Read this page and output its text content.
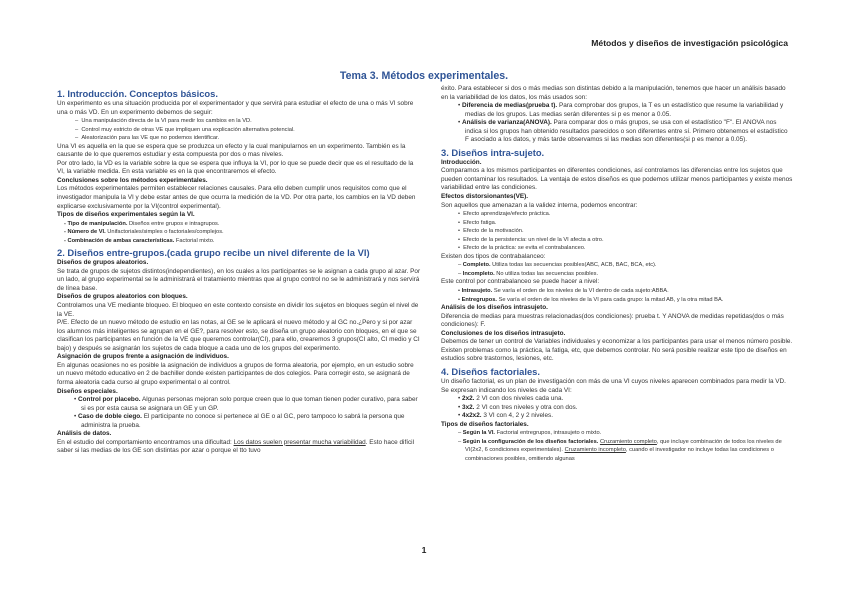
Métodos y diseños de investigación psicológica
Tema 3. Métodos experimentales.
1. Introducción. Conceptos básicos.

Un experimento es una situación producida por el experimentador y que servirá para estudiar el efecto de una o más VI sobre una o más VD. En un experimento debemos de seguir:

–  Una manipulación directa de la VI para medir los cambios en la VD.

–  Control muy estricto de otras VE que impliquen una explicación alternativa potencial.

–  Aleatorización para las VE que no podemos identificar.

Una VI es aquella en la que se espera que se produzca un efecto y la cual manipularnos en un experimento. También es la causante de lo que queremos estudiar y esta compuesta por dos o mas niveles.

Por otro lado, la VD es la variable sobre la que se espera que influya la VI, por lo que se puede decir que es el resultado de la VI, la variable medida. En esta variable es en la que encontraremos el efecto.

Conclusiones sobre los métodos experimentales.

Los métodos experimentales permiten establecer relaciones causales. Para ello deben cumplir unos requisitos como que el investigador manipula la VI y debe estar antes de que ocurra la medición de la VD. Por otra parte, los cambios en la VD deben explicarse exclusivamente por la VI(control experimental).

Tipos de diseños experimentales según la VI.

- Tipo de manipulación. Diseños entre grupos e intragrupos.

- Número de VI. Unifactoriales/simples o factoriales/complejos.

- Combinación de ambas características. Factorial mixto.

2. Diseños entre-grupos.(cada grupo recibe un nivel diferente de la VI)

Diseños de grupos aleatorios.

Se trata de grupos de sujetos distintos(independientes), en los cuales a los participantes se le asignan a cada grupo al azar. Por un lado, al grupo experimental se le administrará el tratamiento mientras que al grupo control no se le administrará y nos servirá de línea base.

Diseños de grupos aleatorios con bloques.

Controlamos una VE mediante bloqueo. El bloqueo en este contexto consiste en dividir los sujetos en bloques según el nivel de la VE.

P/E. Efecto de un nuevo método de estudio en las notas, al GE se le aplicará el nuevo método y al GC no.¿Pero y si por azar los alumnos más inteligentes se agrupan en el GE?, para resolver esto, se diseña un grupo aleatorio con bloques, en el que se clasifican los participantes en función de la VE que queremos controlar(CI), para ello, crearemos 3 grupos(CI alto, CI medio y CI bajo) y después se asignarán los sujetos de cada bloque a cada uno de los grupos del experimento.

Asignación de grupos frente a asignación de individuos.

En algunas ocasiones no es posible la asignación de individuos a grupos de forma aleatoria, por ejemplo, en un estudio sobre un nuevo método educativo en 2 de bachiller donde existen participantes de dos colegios. Para corregir esto, se asignará de forma aleatoria cada curso al grupo experimental o al control.

Diseños especiales.

• Control por placebo. Algunas personas mejoran solo porque creen que lo que toman tienen poder curativo, para saber si es por esta causa se asignara un GE y un GP.

• Caso de doble ciego. El participante no conoce si pertenece al GE o al GC, pero tampoco lo sabrá la persona que administra la prueba.

Análisis de datos.

En el estudio del comportamiento encontramos una dificultad: Los datos suelen presentar mucha variabilidad. Esto hace difícil saber si las medias de los GE son distintas por azar o porque el tto tuvo

éxito. Para establecer si dos o más medias son distintas debido a la manipulación, tenemos que hacer un análisis basado en la variabilidad de los datos, los más usados son:

• Diferencia de medias(prueba t). Para comprobar dos grupos, la T es un estadístico que resume la variabilidad y medias de los grupos. Las medias serán diferentes si p es menor a 0.05.

• Análisis de varianza(ANOVA). Para comparar dos o más grupos, se usa con el estadístico "F". El ANOVA nos indica si los grupos han obtenido resultados parecidos o son diferentes entre sí. Primero obtenemos el estadístico F asociado a los datos, y más tarde observamos si las medias son diferentes(si p es menor a 0.05).

3. Diseños intra-sujeto.

Introducción.

Comparamos a los mismos participantes en diferentes condiciones, así controlamos las diferencias entre los sujetos que pueden contaminar los resultados. La ventaja de estos diseños es que podemos utilizar menos participantes y existe menos variabilidad entre las condiciones.

Efectos distorsionantes(VE).

Son aquellos que amenazan a la validez interna, podemos encontrar:

•  Efecto aprendizaje/efecto práctica.

•  Efecto fatiga.

•  Efecto de la motivación.

•  Efecto de la persistencia: un nivel de la VI afecta a otro.

•  Efecto de la práctica: se evita el contrabalanceo.

Existen dos tipos de contrabalanceo:

– Completo. Utiliza todas las secuencias posibles(ABC, ACB, BAC, BCA, etc).

– Incompleto. No utiliza todas las secuencias posibles.

Este control por contrabalanceo se puede hacer a nivel:

• Intrasujeto. Se varía el orden de los niveles de la VI dentro de cada sujeto:ABBA.

• Entregrupos. Se varía el orden de los niveles de la VI para cada grupo: la mitad AB, y la otra mitad BA.

Análisis de los diseños intrasujeto.

Diferencia de medias para muestras relacionadas(dos condiciones): prueba t. Y ANOVA de medidas repetidas(dos o más condiciones): F.

Conclusiones de los diseños intrasujeto.

Debemos de tener un control de Variables individuales y economizar a los participantes para usar el menos número posible. Existen problemas como la práctica, la fatiga, etc, que debemos controlar. No será posible realizar este tipo de diseños en estudios sobre trastornos, lesiones, etc.

4. Diseños factoriales.

Un diseño factorial, es un plan de investigación con más de una VI cuyos niveles aparecen combinados para medir la VD. Se expresan indicando los niveles de cada VI:

• 2x2. 2 VI con dos niveles cada una.

• 3x2. 2 VI con tres niveles y otra con dos.

• 4x2x2. 3 VI con 4, 2 y 2 niveles.

Tipos de diseños factoriales.

– Según la VI. Factorial entregrupos, intrasujeto o mixto.

– Según la configuración de los diseños factoriales. Cruzamiento completo, que incluye combinación de todos los niveles de VI(2x2, 6 condiciones experimentales). Cruzamiento incompleto, cuando el investigador no incluye todas las condiciones o combinaciones posibles, omitiendo algunas

1
